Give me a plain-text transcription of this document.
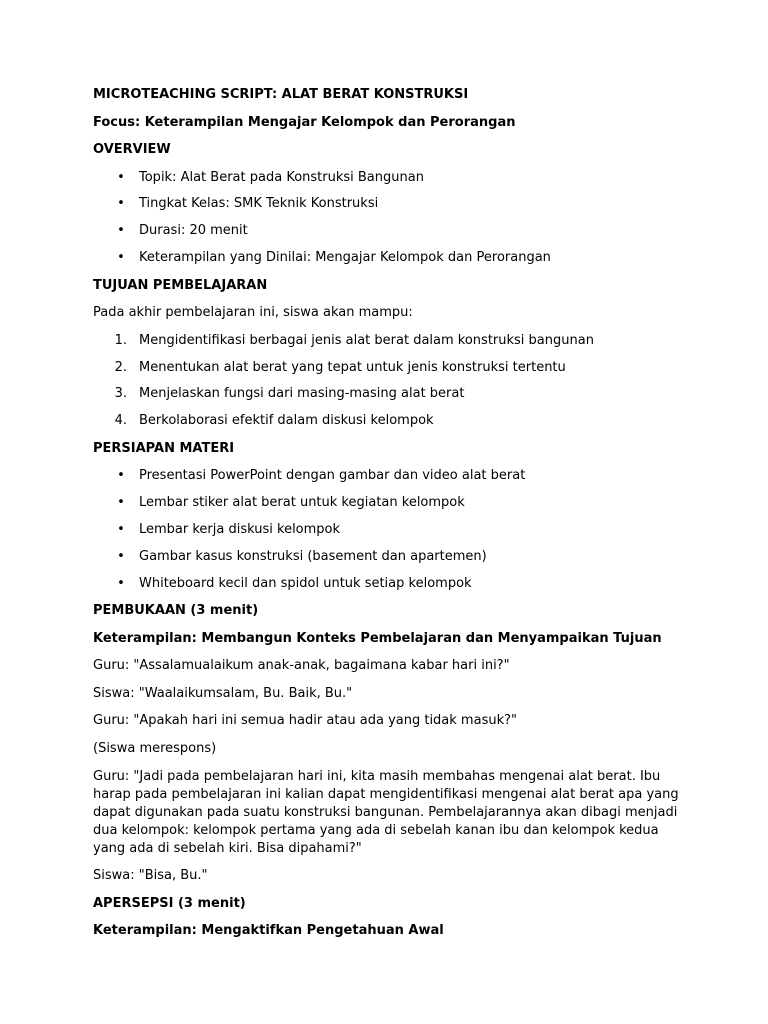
MICROTEACHING SCRIPT: ALAT BERAT KONSTRUKSI

Focus: Keterampilan Mengajar Kelompok dan Perorangan

OVERVIEW

•	Topik: Alat Berat pada Konstruksi Bangunan
•	Tingkat Kelas: SMK Teknik Konstruksi
•	Durasi: 20 menit
•	Keterampilan yang Dinilai: Mengajar Kelompok dan Perorangan

TUJUAN PEMBELAJARAN

Pada akhir pembelajaran ini, siswa akan mampu:

1. Mengidentifikasi berbagai jenis alat berat dalam konstruksi bangunan
2. Menentukan alat berat yang tepat untuk jenis konstruksi tertentu
3. Menjelaskan fungsi dari masing-masing alat berat
4. Berkolaborasi efektif dalam diskusi kelompok

PERSIAPAN MATERI

•	Presentasi PowerPoint dengan gambar dan video alat berat
•	Lembar stiker alat berat untuk kegiatan kelompok
•	Lembar kerja diskusi kelompok
•	Gambar kasus konstruksi (basement dan apartemen)
•	Whiteboard kecil dan spidol untuk setiap kelompok

PEMBUKAAN (3 menit)

Keterampilan: Membangun Konteks Pembelajaran dan Menyampaikan Tujuan

Guru: "Assalamualaikum anak-anak, bagaimana kabar hari ini?"

Siswa: "Waalaikumsalam, Bu. Baik, Bu."

Guru: "Apakah hari ini semua hadir atau ada yang tidak masuk?"

(Siswa merespons)

Guru: "Jadi pada pembelajaran hari ini, kita masih membahas mengenai alat berat. Ibu harap pada pembelajaran ini kalian dapat mengidentifikasi mengenai alat berat apa yang dapat digunakan pada suatu konstruksi bangunan. Pembelajarannya akan dibagi menjadi dua kelompok: kelompok pertama yang ada di sebelah kanan ibu dan kelompok kedua yang ada di sebelah kiri. Bisa dipahami?"

Siswa: "Bisa, Bu."

APERSEPSI (3 menit)

Keterampilan: Mengaktifkan Pengetahuan Awal
